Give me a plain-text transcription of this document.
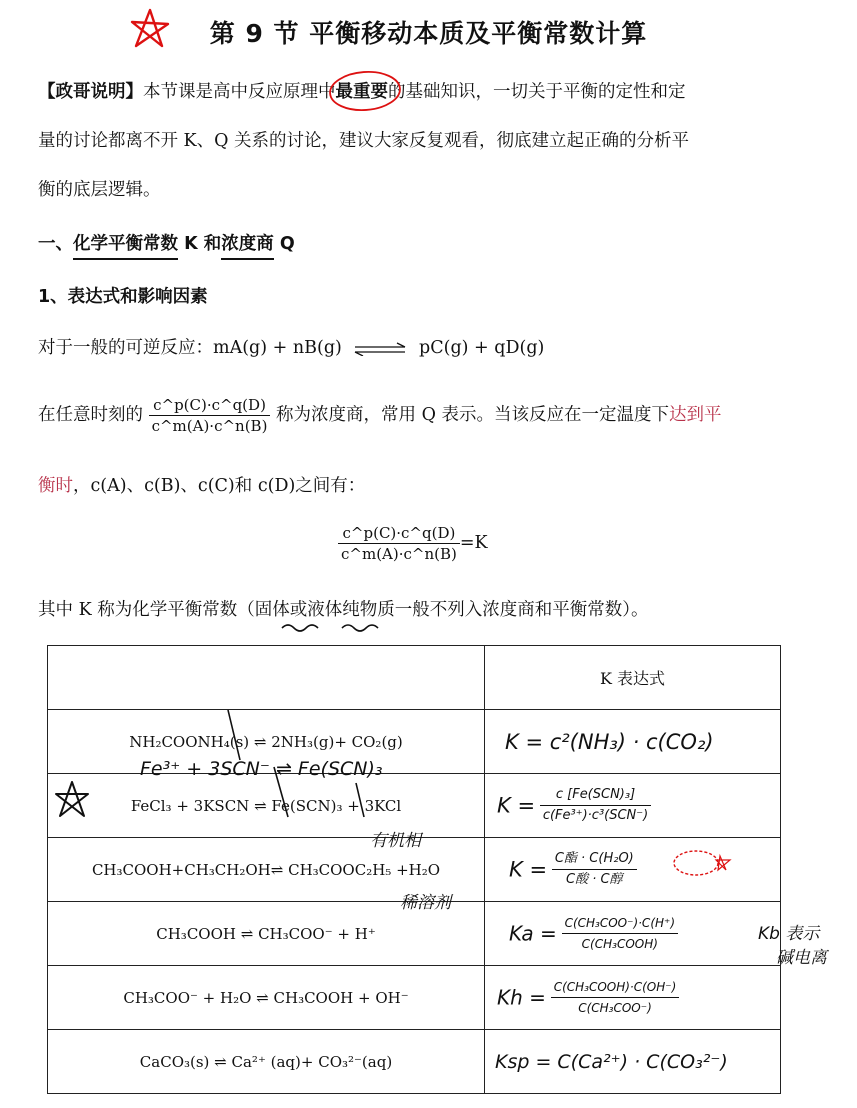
第 9 节 平衡移动本质及平衡常数计算
【政哥说明】本节课是高中反应原理中最重要
的基础知识，一切关于平衡的定性和定
量的讨论都离不开 K、Q 关系的讨论，建议大家反复观看，彻底建立起正确的分析平
衡的底层逻辑。
一、化学平衡常数 K 和浓度商 Q
1、表达式和影响因素
对于一般的可逆反应：mA(g) + nB(g) ⇌ pC(g) + qD(g)
在任意时刻的 $\frac{c\^{}p(C)\cdot c\^{}q(D)}{c\^{}m(A)\cdot c\^{}n(B)}$ 称为浓度商，常用 Q 表示。当该反应在一定温度下达到平
衡时，c(A)、c(B)、c(C)和 c(D)之间有：
$\frac{c\^{}p(C)\cdot c\^{}q(D)}{c\^{}m(A)\cdot c\^{}n(B)} =K$
其中 K 称为化学平衡常数（固体或液体纯物质一般不列入浓度商和平衡常数）。
	K 表达式
NH₂COONH₄(s) ⇌ 2NH₃(g)+ CO₂(g)	K = c²(NH₃) · c(CO₂)
FeCl₃ + 3KSCN ⇌ Fe(SCN)₃ + 3KCl	$K = \frac{\text{c [Fe(SCN)₃]}}{\text{c(Fe³⁺)·c³(SCN⁻)}}$

CH₃COOH+CH₃CH₂OH⇌ CH₃COOC₂H₅ +H₂O	$K = \frac{\text{C酯 · C(H₂O)}}{\text{C酸 · C醇}}$

CH₃COOH ⇌ CH₃COO⁻ + H⁺	$Ka = \frac{\text{C(CH₃COO⁻)·C(H⁺)}}{\text{C(CH₃COOH)}}$

CH₃COO⁻ + H₂O ⇌ CH₃COOH + OH⁻	$Kh = \frac{\text{C(CH₃COOH)·C(OH⁻)}}{\text{C(CH₃COO⁻)}}$

CaCO₃(s) ⇌ Ca²⁺ (aq)+ CO₃²⁻(aq)	Ksp = C(Ca²⁺) · C(CO₃²⁻)
Fe³⁺ + 3SCN⁻ ⇌ Fe(SCN)₃
有机相
稀溶剂
Kb 表示
碱电离
